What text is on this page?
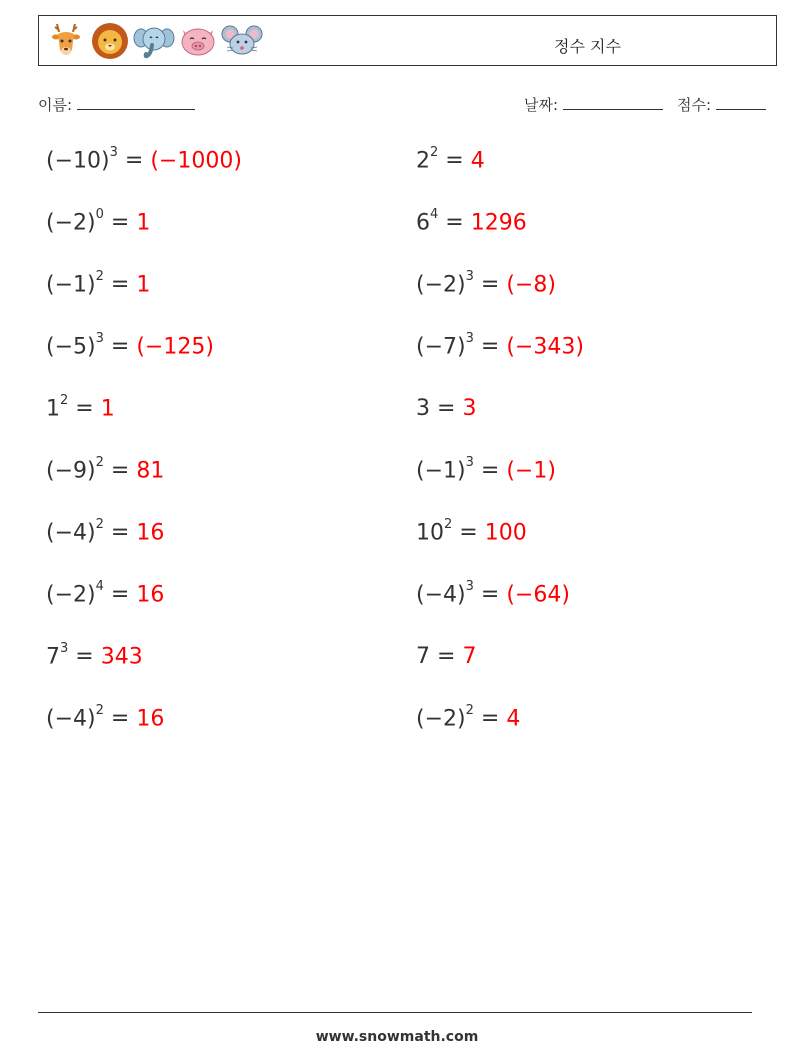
정수 지수
이름:	날짜:	점수:
$(-10)^3 = (-1000)$	$2^2 = 4$
$(-2)^0 = 1$	$6^4 = 1296$
$(-1)^2 = 1$	$(-2)^3 = (-8)$
$(-5)^3 = (-125)$	$(-7)^3 = (-343)$
$1^2 = 1$	3 = 3
$(-9)^2 = 81$	$(-1)^3 = (-1)$
$(-4)^2 = 16$	$10^2 = 100$
$(-2)^4 = 16$	$(-4)^3 = (-64)$
$7^3 = 343$	7 = 7
$(-4)^2 = 16$	$(-2)^2 = 4$
www.snowmath.com
